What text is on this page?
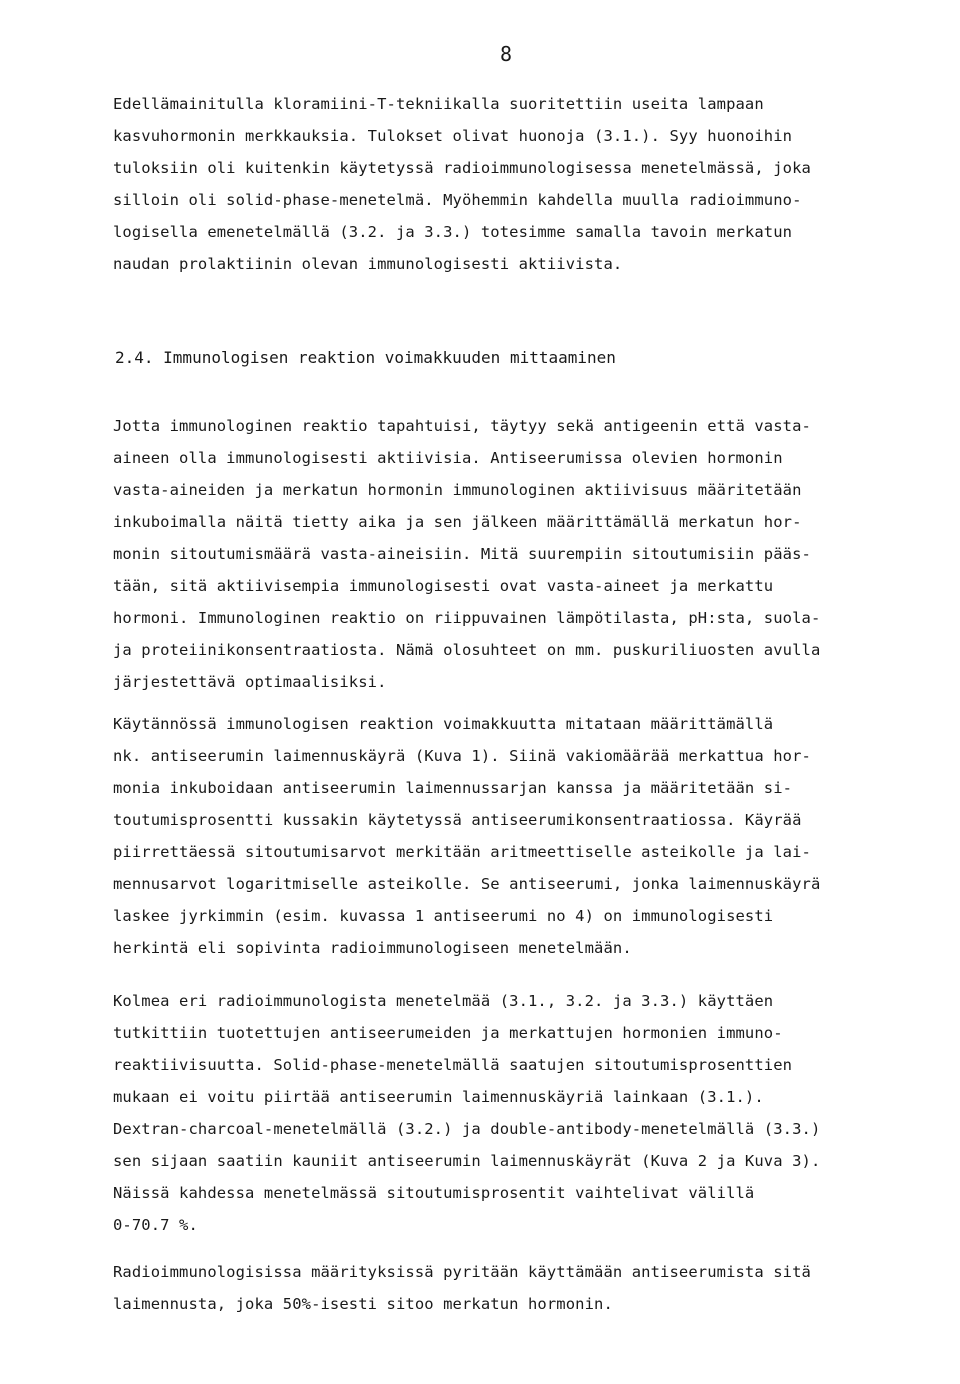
8
Edellämainitulla kloramiini-T-tekniikalla suoritettiin useita lampaan
kasvuhormonin merkkauksia. Tulokset olivat huonoja (3.1.). Syy huonoihin
tuloksiin oli kuitenkin käytetyssä radioimmunologisessa menetelmässä, joka
silloin oli solid-phase-menetelmä. Myöhemmin kahdella muulla radioimmuno-
logisella emenetelmällä (3.2. ja 3.3.) totesimme samalla tavoin merkatun
naudan prolaktiinin olevan immunologisesti aktiivista.
2.4. Immunologisen reaktion voimakkuuden mittaaminen
Jotta immunologinen reaktio tapahtuisi, täytyy sekä antigeenin että vasta-
aineen olla immunologisesti aktiivisia. Antiseerumissa olevien hormonin
vasta-aineiden ja merkatun hormonin immunologinen aktiivisuus määritetään
inkuboimalla näitä tietty aika ja sen jälkeen määrittämällä merkatun hor-
monin sitoutumismäärä vasta-aineisiin. Mitä suurempiin sitoutumisiin pääs-
tään, sitä aktiivisempia immunologisesti ovat vasta-aineet ja merkattu
hormoni. Immunologinen reaktio on riippuvainen lämpötilasta, pH:sta, suola-
ja proteiinikonsentraatiosta. Nämä olosuhteet on mm. puskuriliuosten avulla
järjestettävä optimaalisiksi.
Käytännössä immunologisen reaktion voimakkuutta mitataan määrittämällä
nk. antiseerumin laimennuskäyrä (Kuva 1). Siinä vakiomäärää merkattua hor-
monia inkuboidaan antiseerumin laimennussarjan kanssa ja määritetään si-
toutumisprosentti kussakin käytetyssä antiseerumikonsentraatiossa. Käyrää
piirrettäessä sitoutumisarvot merkitään aritmeettiselle asteikolle ja lai-
mennusarvot logaritmiselle asteikolle. Se antiseerumi, jonka laimennuskäyrä
laskee jyrkimmin (esim. kuvassa 1 antiseerumi no 4) on immunologisesti
herkintä eli sopivinta radioimmunologiseen menetelmään.
Kolmea eri radioimmunologista menetelmää (3.1., 3.2. ja 3.3.) käyttäen
tutkittiin tuotettujen antiseerumeiden ja merkattujen hormonien immuno-
reaktiivisuutta. Solid-phase-menetelmällä saatujen sitoutumisprosenttien
mukaan ei voitu piirtää antiseerumin laimennuskäyriä lainkaan (3.1.).
Dextran-charcoal-menetelmällä (3.2.) ja double-antibody-menetelmällä (3.3.)
sen sijaan saatiin kauniit antiseerumin laimennuskäyrät (Kuva 2 ja Kuva 3).
Näissä kahdessa menetelmässä sitoutumisprosentit vaihtelivat välillä
0-70.7 %.
Radioimmunologisissa määrityksissä pyritään käyttämään antiseerumista sitä
laimennusta, joka 50%-isesti sitoo merkatun hormonin.
